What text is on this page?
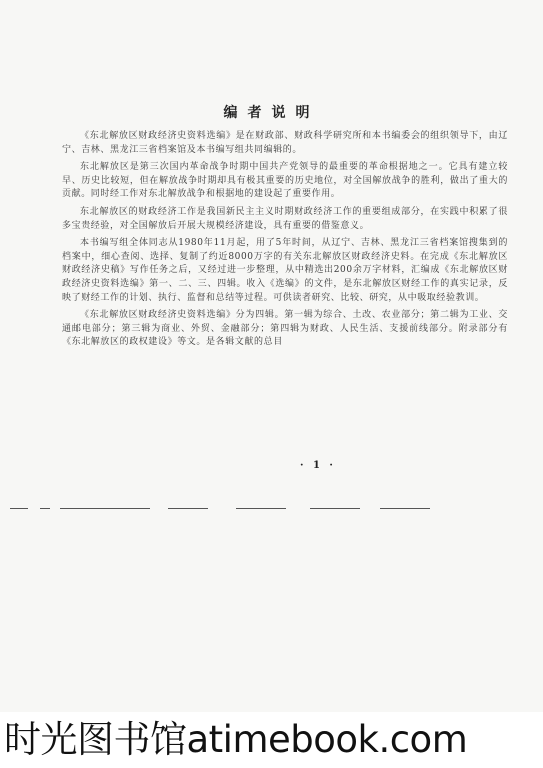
编者说明

《东北解放区财政经济史资料选编》是在财政部、财政科学研究所和本书编委会的组织领导下，由辽宁、吉林、黑龙江三省档案馆及本书编写组共同编辑的。

东北解放区是第三次国内革命战争时期中国共产党领导的最重要的革命根据地之一。它具有建立较早、历史比较短，但在解放战争时期却具有极其重要的历史地位，对全国解放战争的胜利，做出了重大的贡献。同时经工作对东北解放战争和根据地的建设起了重要作用。

东北解放区的财政经济工作是我国新民主主义时期财政经济工作的重要组成部分，在实践中积累了很多宝贵经验，对全国解放后开展大规模经济建设，具有重要的借鉴意义。

本书编写组全体同志从1980年11月起，用了5年时间，从辽宁、吉林、黑龙江三省档案馆搜集到的档案中，细心查阅、选择、复制了约近8000万字的有关东北解放区财政经济史料。在完成《东北解放区财政经济史稿》写作任务之后，又经过进一步整理，从中精选出200余万字材料，汇编成《东北解放区财政经济史资料选编》第一、二、三、四辑。收入《选编》的文件，是东北解放区财经工作的真实记录，反映了财经工作的计划、执行、监督和总结等过程。可供读者研究、比较、研究，从中吸取经验教训。

《东北解放区财政经济史资料选编》分为四辑。第一辑为综合、土改、农业部分；第二辑为工业、交通邮电部分；第三辑为商业、外贸、金融部分；第四辑为财政、人民生活、支援前线部分。附录部分有《东北解放区的政权建设》等文。是各辑文献的总目

· 1 ·
时光图书馆atimebook.com
